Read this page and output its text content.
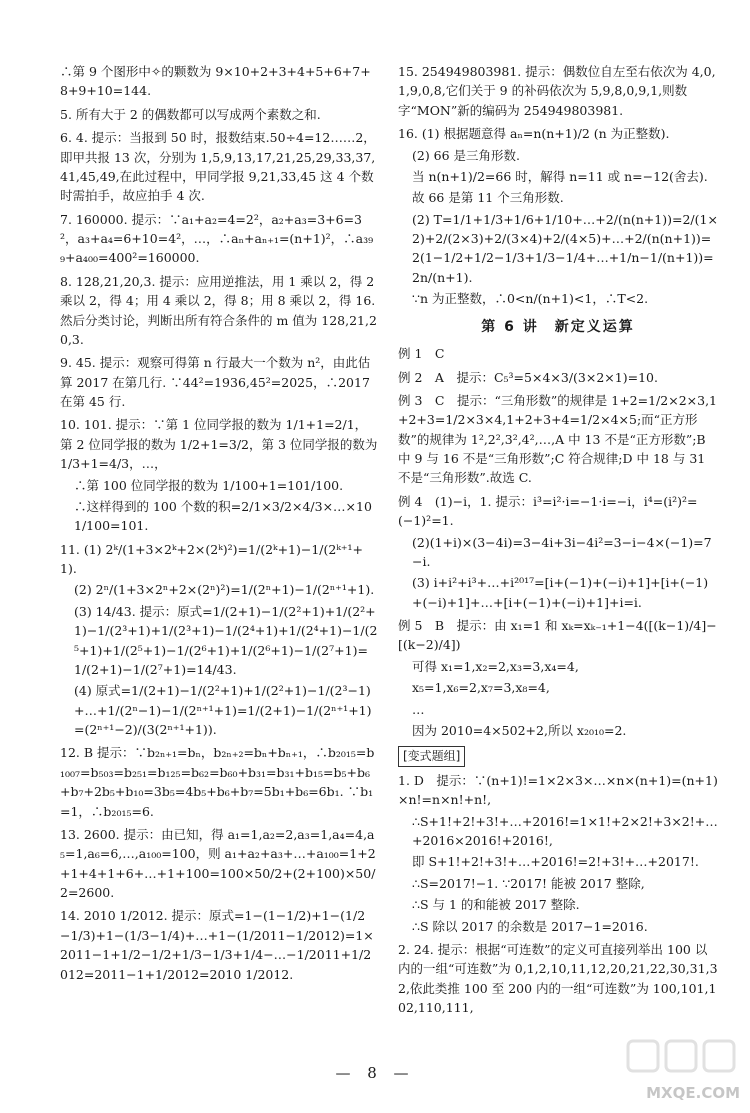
∴第 9 个图形中✧的颗数为 9×10+2+3+4+5+6+7+8+9+10=144.

5. 所有大于 2 的偶数都可以写成两个素数之和.

6. 4. 提示：当报到 50 时，报数结束.50÷4=12……2，即甲共报 13 次，分别为 1,5,9,13,17,21,25,29,33,37,41,45,49,在此过程中，甲同学报 9,21,33,45 这 4 个数时需拍手，故应拍手 4 次.

7. 160000. 提示：∵a₁+a₂=4=2²，a₂+a₃=3+6=3²，a₃+a₄=6+10=4²，…，∴aₙ+aₙ₊₁=(n+1)²，∴a₃₉₉+a₄₀₀=400²=160000.

8. 128,21,20,3. 提示：应用逆推法，用 1 乘以 2，得 2 乘以 2，得 4；用 4 乘以 2，得 8；用 8 乘以 2，得 16. 然后分类讨论，判断出所有符合条件的 m 值为 128,21,20,3.

9. 45. 提示：观察可得第 n 行最大一个数为 n²，由此估算 2017 在第几行. ∵44²=1936,45²=2025，∴2017 在第 45 行.

10. 101. 提示：∵第 1 位同学报的数为 1/1+1=2/1，第 2 位同学报的数为 1/2+1=3/2，第 3 位同学报的数为 1/3+1=4/3，…，

∴第 100 位同学报的数为 1/100+1=101/100.

∴这样得到的 100 个数的积=2/1×3/2×4/3×…×101/100=101.

11. (1) 2ᵏ/(1+3×2ᵏ+2×(2ᵏ)²)=1/(2ᵏ+1)−1/(2ᵏ⁺¹+1).

(2) 2ⁿ/(1+3×2ⁿ+2×(2ⁿ)²)=1/(2ⁿ+1)−1/(2ⁿ⁺¹+1).

(3) 14/43. 提示：原式=1/(2+1)−1/(2²+1)+1/(2²+1)−1/(2³+1)+1/(2³+1)−1/(2⁴+1)+1/(2⁴+1)−1/(2⁵+1)+1/(2⁵+1)−1/(2⁶+1)+1/(2⁶+1)−1/(2⁷+1)=1/(2+1)−1/(2⁷+1)=14/43.

(4) 原式=1/(2+1)−1/(2²+1)+1/(2²+1)−1/(2³−1)+…+1/(2ⁿ−1)−1/(2ⁿ⁺¹+1)=1/(2+1)−1/(2ⁿ⁺¹+1)=(2ⁿ⁺¹−2)/(3(2ⁿ⁺¹+1)).

12. B 提示：∵b₂ₙ₊₁=bₙ，b₂ₙ₊₂=bₙ+bₙ₊₁，∴b₂₀₁₅=b₁₀₀₇=b₅₀₃=b₂₅₁=b₁₂₅=b₆₂=b₆₀+b₃₁=b₃₁+b₁₅=b₅+b₆+b₇+2b₅+b₁₀=3b₅=4b₅+b₆+b₇=5b₁+b₆=6b₁. ∵b₁=1，∴b₂₀₁₅=6.

13. 2600. 提示：由已知，得 a₁=1,a₂=2,a₃=1,a₄=4,a₅=1,a₆=6,…,a₁₀₀=100，则 a₁+a₂+a₃+…+a₁₀₀=1+2+1+4+1+6+…+1+100=100×50/2+(2+100)×50/2=2600.

14. 2010 1/2012. 提示：原式=1−(1−1/2)+1−(1/2−1/3)+1−(1/3−1/4)+…+1−(1/2011−1/2012)=1×2011−1+1/2−1/2+1/3−1/3+1/4−…−1/2011+1/2012=2011−1+1/2012=2010 1/2012.

15. 254949803981. 提示：偶数位自左至右依次为 4,0,1,9,0,8,它们关于 9 的补码依次为 5,9,8,0,9,1,则数字“MON”新的编码为 254949803981.

16. (1) 根据题意得 aₙ=n(n+1)/2 (n 为正整数).

(2) 66 是三角形数.

当 n(n+1)/2=66 时，解得 n=11 或 n=−12(舍去).

故 66 是第 11 个三角形数.

(2) T=1/1+1/3+1/6+1/10+…+2/(n(n+1))=2/(1×2)+2/(2×3)+2/(3×4)+2/(4×5)+…+2/(n(n+1))=2(1−1/2+1/2−1/3+1/3−1/4+…+1/n−1/(n+1))=2n/(n+1).

∵n 为正整数，∴0<n/(n+1)<1，∴T<2.

第 6 讲　新定义运算

例 1　C

例 2　A　提示：C₅³=5×4×3/(3×2×1)=10.

例 3　C　提示：“三角形数”的规律是 1+2=1/2×2×3,1+2+3=1/2×3×4,1+2+3+4=1/2×4×5;而“正方形数”的规律为 1²,2²,3²,4²,…,A 中 13 不是“正方形数”;B 中 9 与 16 不是“三角形数”;C 符合规律;D 中 18 与 31 不是“三角形数”.故选 C.

例 4　(1)−i，1. 提示：i³=i²·i=−1·i=−i，i⁴=(i²)²=(−1)²=1.

(2)(1+i)×(3−4i)=3−4i+3i−4i²=3−i−4×(−1)=7−i.

(3) i+i²+i³+…+i²⁰¹⁷=[i+(−1)+(−i)+1]+[i+(−1)+(−i)+1]+…+[i+(−1)+(−i)+1]+i=i.

例 5　B　提示：由 x₁=1 和 xₖ=xₖ₋₁+1−4([(k−1)/4]−[(k−2)/4])

可得 x₁=1,x₂=2,x₃=3,x₄=4,

x₅=1,x₆=2,x₇=3,x₈=4,

…

因为 2010=4×502+2,所以 x₂₀₁₀=2.

[变式题组]

1. D　提示：∵(n+1)!=1×2×3×…×n×(n+1)=(n+1)×n!=n×n!+n!,

∴S+1!+2!+3!+…+2016!=1×1!+2×2!+3×2!+…+2016×2016!+2016!,

即 S+1!+2!+3!+…+2016!=2!+3!+…+2017!.

∴S=2017!−1. ∵2017! 能被 2017 整除,

∴S 与 1 的和能被 2017 整除.

∴S 除以 2017 的余数是 2017−1=2016.

2. 24. 提示：根据“可连数”的定义可直接列举出 100 以内的一组“可连数”为 0,1,2,10,11,12,20,21,22,30,31,32,依此类推 100 至 200 内的一组“可连数”为 100,101,102,110,111,

— 8 —
MXQE.COM
